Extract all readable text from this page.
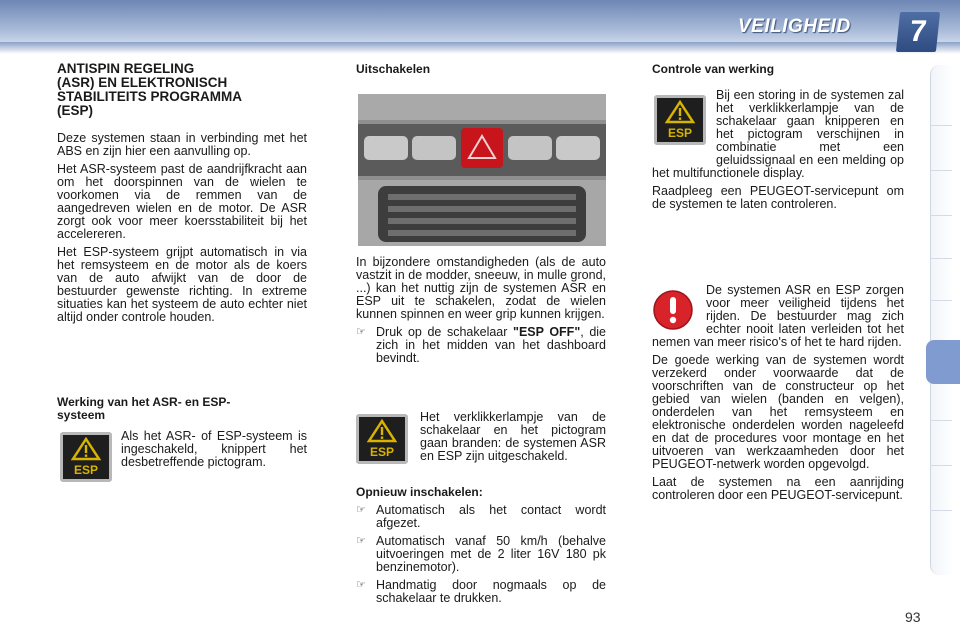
VEILIGHEID	7
ANTISPIN REGELING
(ASR) EN ELEKTRONISCH
STABILITEITS PROGRAMMA
(ESP)

Deze systemen staan in verbinding met het ABS en zijn hier een aanvulling op.

Het ASR-systeem past de aandrijfkracht aan om het doorspinnen van de wielen te voorkomen via de remmen van de aangedreven wielen en de motor. De ASR zorgt ook voor meer koersstabiliteit bij het accelereren.

Het ESP-systeem grijpt automatisch in via het remsysteem en de motor als de koers van de auto afwijkt van de door de bestuurder gewenste richting. In extreme situaties kan het systeem de auto echter niet altijd onder controle houden.

Werking van het ASR- en ESP-systeem
ESP

Als het ASR- of ESP-systeem is ingeschakeld, knippert het desbetreffende pictogram.

Uitschakelen

In bijzondere omstandigheden (als de auto vastzit in de modder, sneeuw, in mulle grond, ...) kan het nuttig zijn de systemen ASR en ESP uit te schakelen, zodat de wielen kunnen spinnen en weer grip kunnen krijgen.

☞ Druk op de schakelaar "ESP OFF", die zich in het midden van het dashboard bevindt.
ESP

Het verklikkerlampje van de schakelaar en het pictogram gaan branden: de systemen ASR en ESP zijn uitgeschakeld.

Opnieuw inschakelen:

☞ Automatisch als het contact wordt afgezet.
☞ Automatisch vanaf 50 km/h (behalve uitvoeringen met de 2 liter 16V 180 pk benzinemotor).
☞ Handmatig door nogmaals op de schakelaar te drukken.
Controle van werking
ESP

Bij een storing in de systemen zal het verklikkerlampje van de schakelaar gaan knipperen en het pictogram verschijnen in combinatie met een geluidssignaal en een melding op het multifunctionele display.

Raadpleeg een PEUGEOT-servicepunt om de systemen te laten controleren.

De systemen ASR en ESP zorgen voor meer veiligheid tijdens het rijden. De bestuurder mag zich echter nooit laten verleiden tot het nemen van meer risico's of het te hard rijden.

De goede werking van de systemen wordt verzekerd onder voorwaarde dat de voorschriften van de constructeur op het gebied van wielen (banden en velgen), onderdelen van het remsysteem en elektronische onderdelen worden nageleefd en dat de procedures voor montage en het uitvoeren van werkzaamheden door het PEUGEOT-netwerk worden opgevolgd.

Laat de systemen na een aanrijding controleren door een PEUGEOT-servicepunt.

93
